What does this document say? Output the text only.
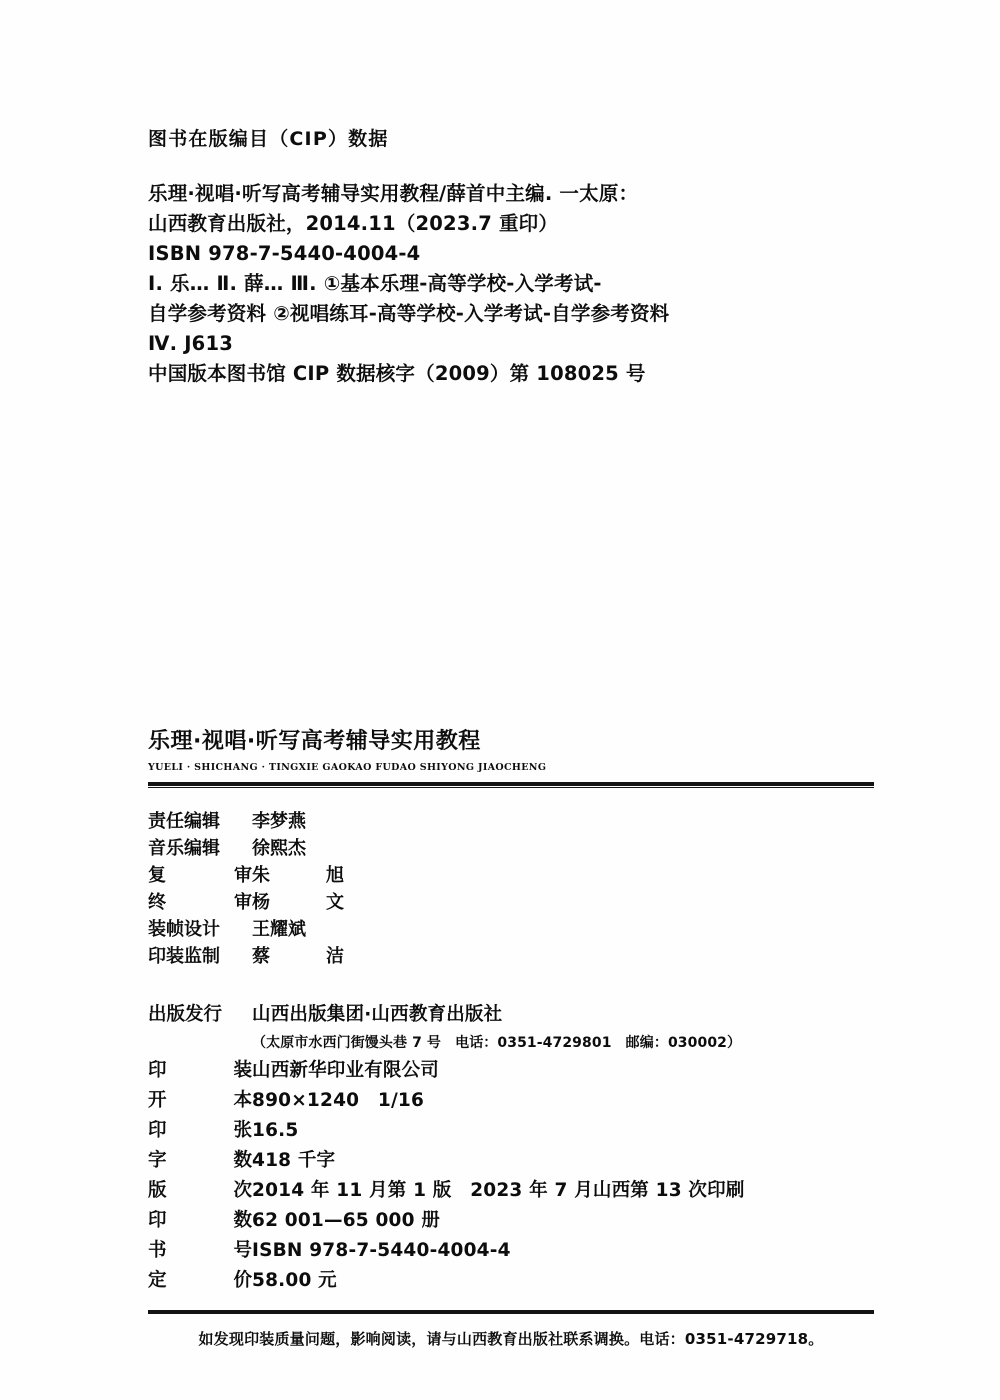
图书在版编目（CIP）数据
乐理·视唱·听写高考辅导实用教程/薛首中主编. 一太原：
山西教育出版社，2014.11（2023.7 重印）
ISBN 978-7-5440-4004-4
Ⅰ. 乐… Ⅱ. 薛… Ⅲ. ①基本乐理-高等学校-入学考试-
自学参考资料 ②视唱练耳-高等学校-入学考试-自学参考资料
Ⅳ. J613
中国版本图书馆 CIP 数据核字（2009）第 108025 号
乐理·视唱·听写高考辅导实用教程
YUELI · SHICHANG · TINGXIE GAOKAO FUDAO SHIYONG JIAOCHENG
责任编辑	李梦燕
音乐编辑	徐熙杰
复	审 朱	旭
终	审 杨	文
装帧设计	王耀斌
印装监制	蔡	洁
出版发行	山西出版集团·山西教育出版社
（太原市水西门街馒头巷 7 号　电话：0351-4729801　邮编：030002）
印	装 山西新华印业有限公司
开	本 890×1240　1/16
印	张 16.5
字	数 418 千字
版	次 2014 年 11 月第 1 版　2023 年 7 月山西第 13 次印刷
印	数 62 001—65 000 册
书	号 ISBN 978-7-5440-4004-4
定	价 58.00 元
如发现印装质量问题，影响阅读，请与山西教育出版社联系调换。电话：0351-4729718。
